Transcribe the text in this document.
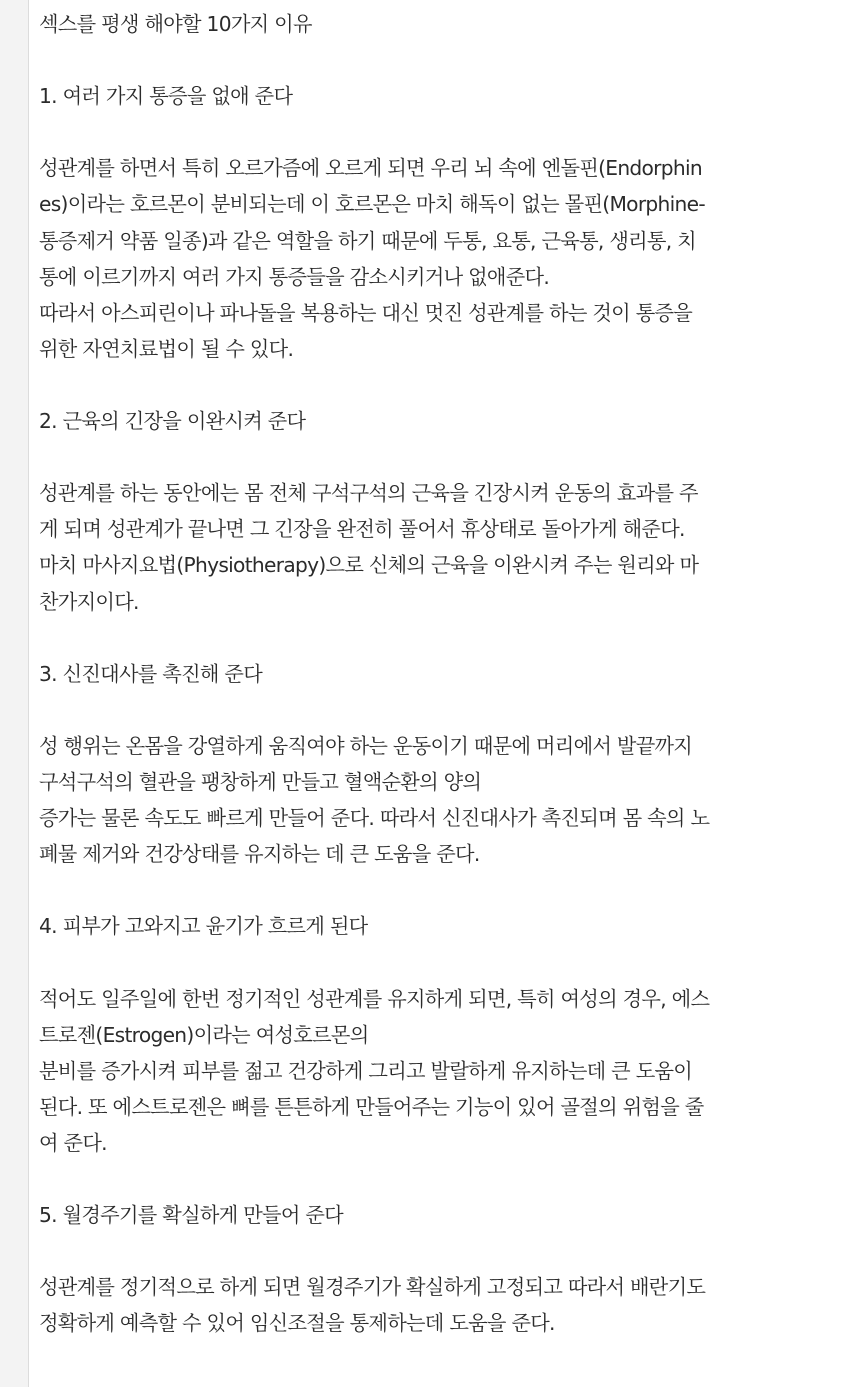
섹스를 평생 해야할 10가지 이유
1. 여러 가지 통증을 없애 준다
성관계를 하면서 특히 오르가즘에 오르게 되면 우리 뇌 속에 엔돌핀(Endorphin
es)이라는 호르몬이 분비되는데 이 호르몬은 마치 해독이 없는 몰핀(Morphine-
통증제거 약품 일종)과 같은 역할을 하기 때문에 두통, 요통, 근육통, 생리통, 치
통에 이르기까지 여러 가지 통증들을 감소시키거나 없애준다.
따라서 아스피린이나 파나돌을 복용하는 대신 멋진 성관계를 하는 것이 통증을
위한 자연치료법이 될 수 있다.
2. 근육의 긴장을 이완시켜 준다
성관계를 하는 동안에는 몸 전체 구석구석의 근육을 긴장시켜 운동의 효과를 주
게 되며 성관계가 끝나면 그 긴장을 완전히 풀어서 휴상태로 돌아가게 해준다.
마치 마사지요법(Physiotherapy)으로 신체의 근육을 이완시켜 주는 원리와 마
찬가지이다.
3. 신진대사를 촉진해 준다
성 행위는 온몸을 강열하게 움직여야 하는 운동이기 때문에 머리에서 발끝까지
구석구석의 혈관을 팽창하게 만들고 혈액순환의 양의
증가는 물론 속도도 빠르게 만들어 준다. 따라서 신진대사가 촉진되며 몸 속의 노
폐물 제거와 건강상태를 유지하는 데 큰 도움을 준다.
4. 피부가 고와지고 윤기가 흐르게 된다
적어도 일주일에 한번 정기적인 성관계를 유지하게 되면, 특히 여성의 경우, 에스
트로젠(Estrogen)이라는 여성호르몬의
분비를 증가시켜 피부를 젊고 건강하게 그리고 발랄하게 유지하는데 큰 도움이
된다. 또 에스트로젠은 뼈를 튼튼하게 만들어주는 기능이 있어 골절의 위험을 줄
여 준다.
5. 월경주기를 확실하게 만들어 준다
성관계를 정기적으로 하게 되면 월경주기가 확실하게 고정되고 따라서 배란기도
정확하게 예측할 수 있어 임신조절을 통제하는데 도움을 준다.
